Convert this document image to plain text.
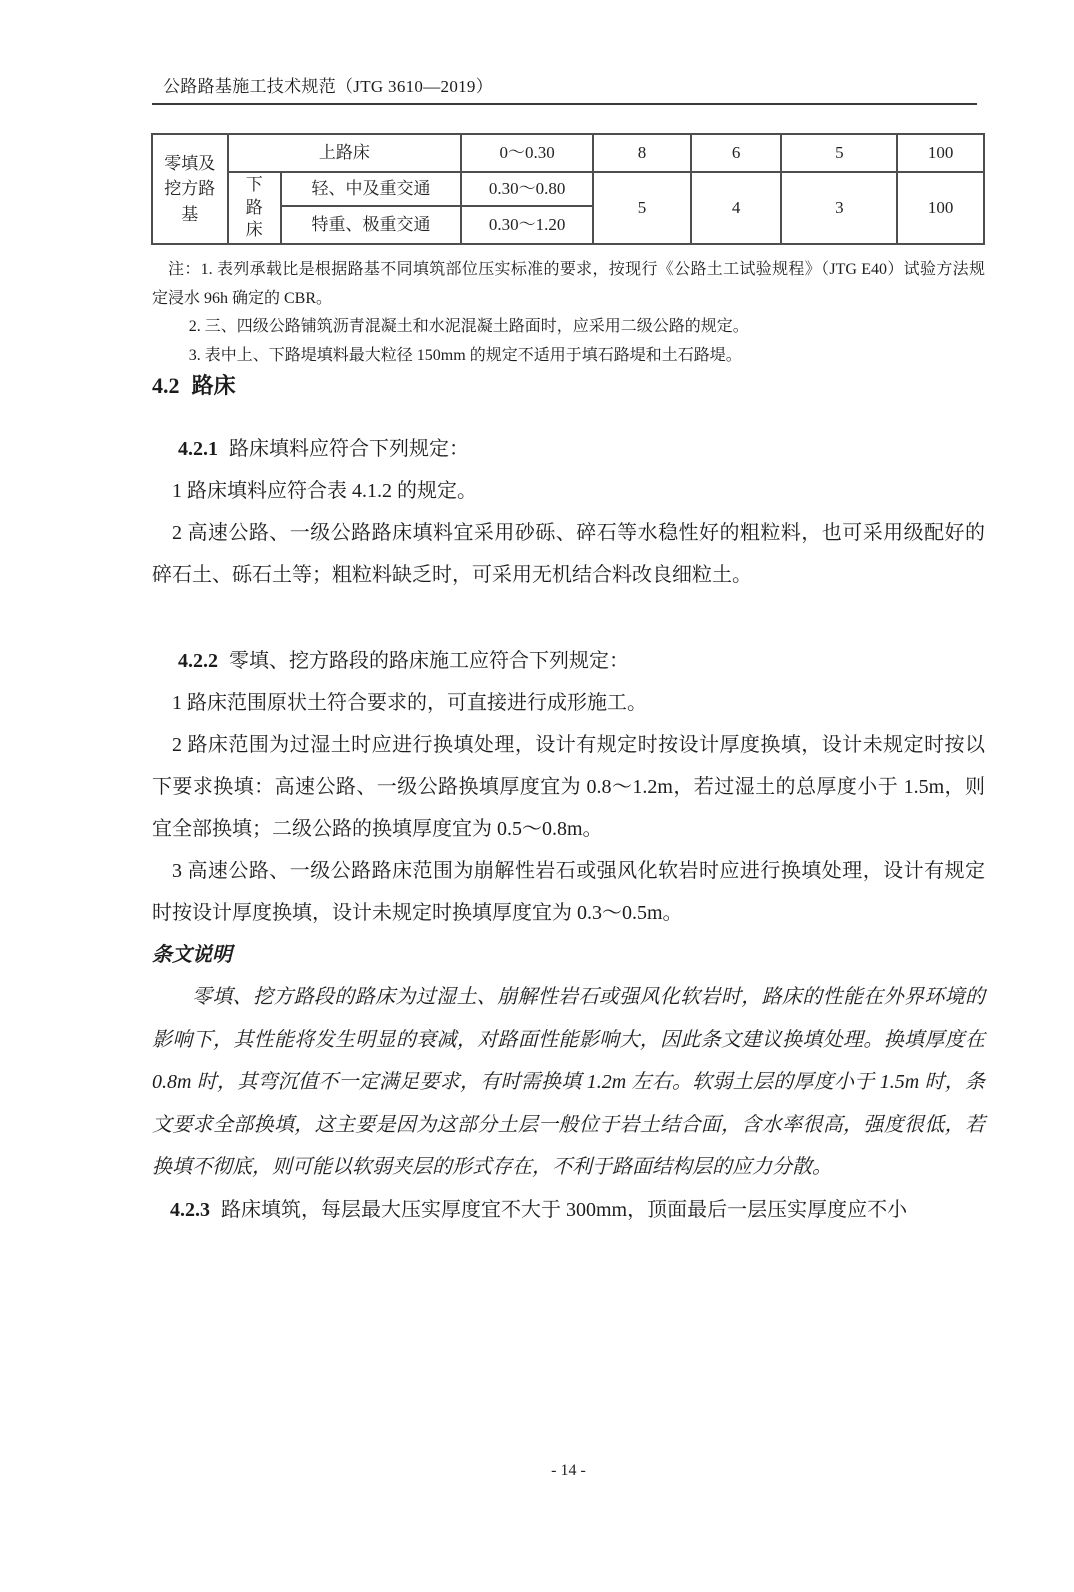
公路路基施工技术规范（JTG 3610—2019）
零填及挖方路基	上路床		0〜0.30	8	6	5	100
	下路床	轻、中及重交通	0.30〜0.80	5	4	3	100
		特重、极重交通	0.30〜1.20				

注：1. 表列承载比是根据路基不同填筑部位压实标准的要求，按现行《公路土工试验规程》（JTG E40）试验方法规定浸水 96h 确定的 CBR。

2. 三、四级公路铺筑沥青混凝土和水泥混凝土路面时，应采用二级公路的规定。

3. 表中上、下路堤填料最大粒径 150mm 的规定不适用于填石路堤和土石路堤。

4.2 路床

4.2.1 路床填料应符合下列规定：

1 路床填料应符合表 4.1.2 的规定。

2 高速公路、一级公路路床填料宜采用砂砾、碎石等水稳性好的粗粒料，也可采用级配好的碎石土、砾石土等；粗粒料缺乏时，可采用无机结合料改良细粒土。

4.2.2 零填、挖方路段的路床施工应符合下列规定：

1 路床范围原状土符合要求的，可直接进行成形施工。

2 路床范围为过湿土时应进行换填处理，设计有规定时按设计厚度换填，设计未规定时按以下要求换填：高速公路、一级公路换填厚度宜为 0.8〜1.2m，若过湿土的总厚度小于 1.5m，则宜全部换填；二级公路的换填厚度宜为 0.5〜0.8m。

3 高速公路、一级公路路床范围为崩解性岩石或强风化软岩时应进行换填处理，设计有规定时按设计厚度换填，设计未规定时换填厚度宜为 0.3〜0.5m。

条文说明

零填、挖方路段的路床为过湿土、崩解性岩石或强风化软岩时，路床的性能在外界环境的影响下，其性能将发生明显的衰减，对路面性能影响大，因此条文建议换填处理。换填厚度在 0.8m 时，其弯沉值不一定满足要求，有时需换填 1.2m 左右。软弱土层的厚度小于 1.5m 时，条文要求全部换填，这主要是因为这部分土层一般位于岩土结合面，含水率很高，强度很低，若换填不彻底，则可能以软弱夹层的形式存在，不利于路面结构层的应力分散。

4.2.3 路床填筑，每层最大压实厚度宜不大于 300mm，顶面最后一层压实厚度应不小

- 14 -
